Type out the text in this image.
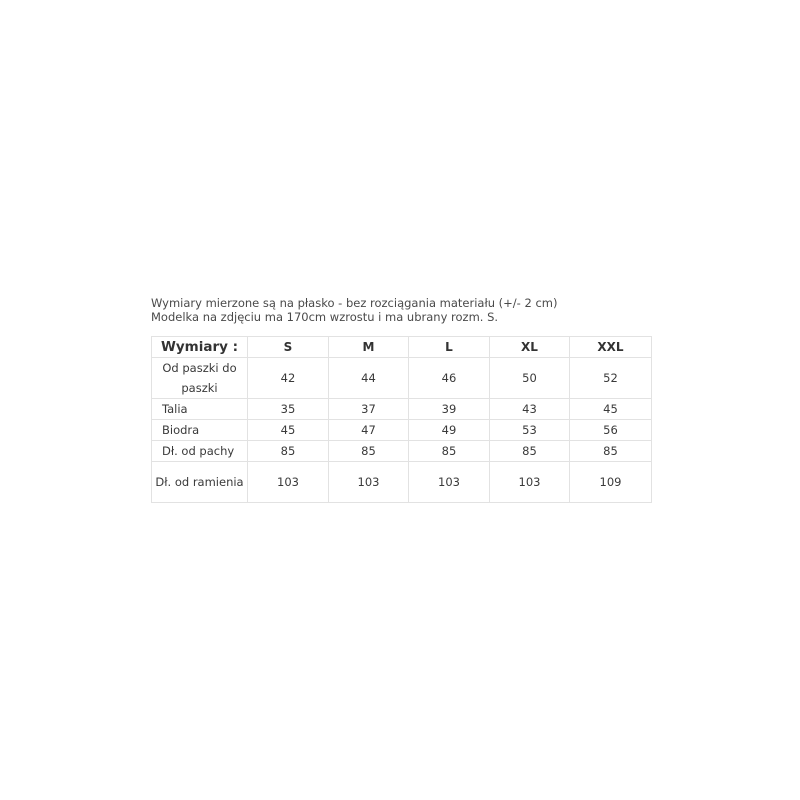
Wymiary mierzone są na płasko - bez rozciągania materiału (+/- 2 cm)
Modelka na zdjęciu ma 170cm wzrostu i ma ubrany rozm. S.
Wymiary :	S	M	L	XL	XXL
Od paszki do paszki	42	44	46	50	52
Talia	35	37	39	43	45
Biodra	45	47	49	53	56
Dł. od pachy	85	85	85	85	85
Dł. od ramienia	103	103	103	103	109
